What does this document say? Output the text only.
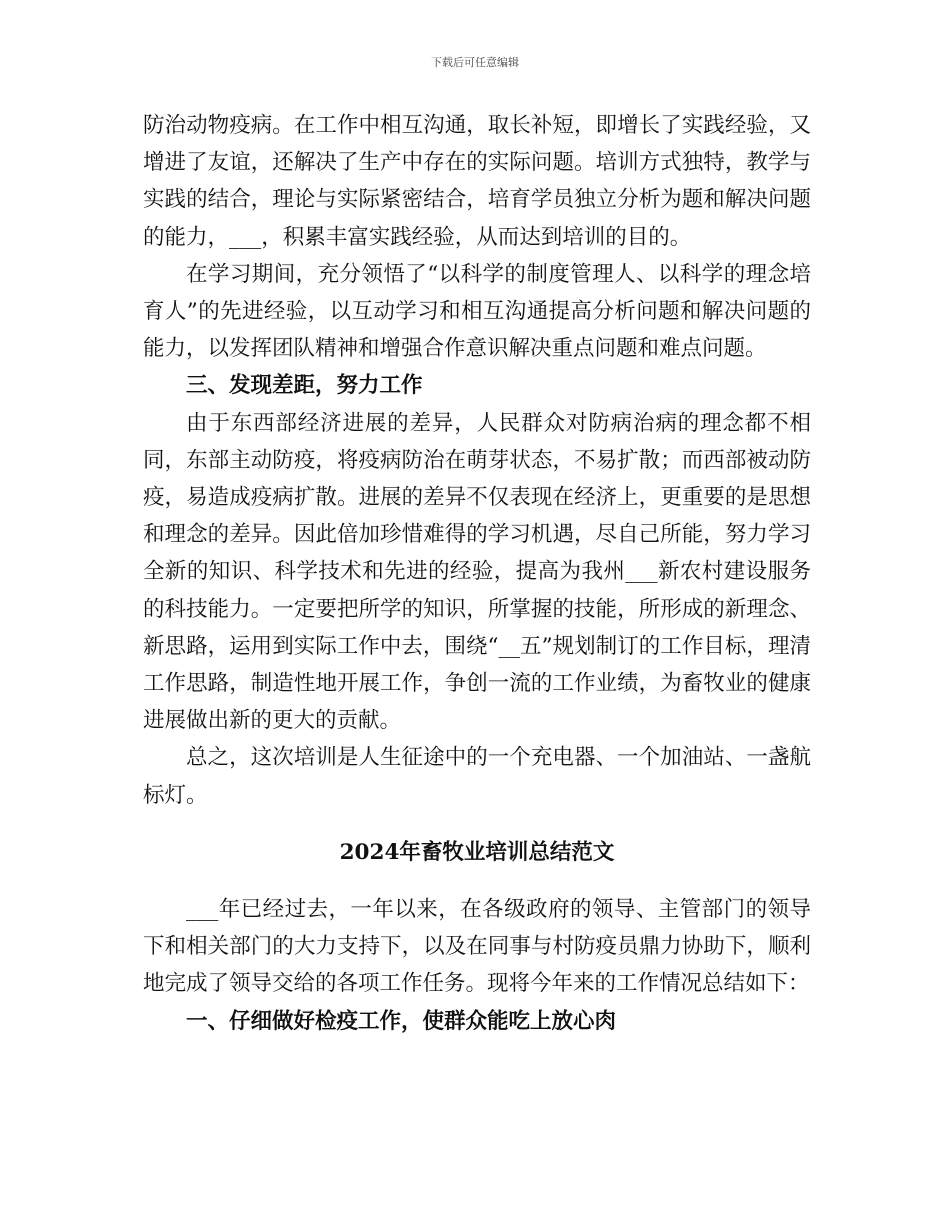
下载后可任意编辑

防治动物疫病。在工作中相互沟通，取长补短，即增长了实践经验，又增进了友谊，还解决了生产中存在的实际问题。培训方式独特，教学与实践的结合，理论与实际紧密结合，培育学员独立分析为题和解决问题的能力，___，积累丰富实践经验，从而达到培训的目的。

在学习期间，充分领悟了“以科学的制度管理人、以科学的理念培育人”的先进经验，以互动学习和相互沟通提高分析问题和解决问题的能力，以发挥团队精神和增强合作意识解决重点问题和难点问题。

三、发现差距，努力工作

由于东西部经济进展的差异，人民群众对防病治病的理念都不相同，东部主动防疫，将疫病防治在萌芽状态，不易扩散；而西部被动防疫，易造成疫病扩散。进展的差异不仅表现在经济上，更重要的是思想和理念的差异。因此倍加珍惜难得的学习机遇，尽自己所能，努力学习全新的知识、科学技术和先进的经验，提高为我州___新农村建设服务的科技能力。一定要把所学的知识，所掌握的技能，所形成的新理念、新思路，运用到实际工作中去，围绕“__五”规划制订的工作目标，理清工作思路，制造性地开展工作，争创一流的工作业绩，为畜牧业的健康进展做出新的更大的贡献。

总之，这次培训是人生征途中的一个充电器、一个加油站、一盏航标灯。

2024年畜牧业培训总结范文

___年已经过去，一年以来，在各级政府的领导、主管部门的领导下和相关部门的大力支持下，以及在同事与村防疫员鼎力协助下，顺利地完成了领导交给的各项工作任务。现将今年来的工作情况总结如下：

一、仔细做好检疫工作，使群众能吃上放心肉
